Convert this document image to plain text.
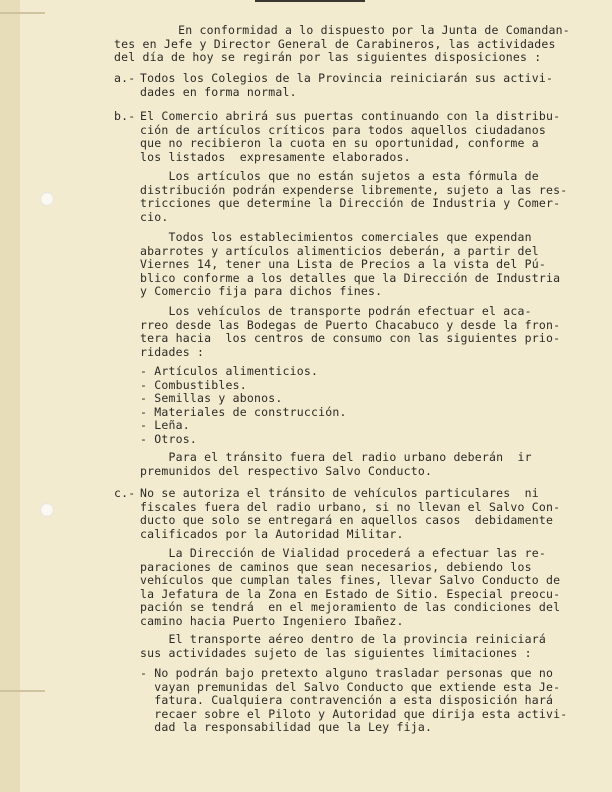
En conformidad a lo dispuesto por la Junta de Comandan-
tes en Jefe y Director General de Carabineros, las actividades
del día de hoy se regirán por las siguientes disposiciones :
a.- Todos los Colegios de la Provincia reiniciarán sus activi-
dades en forma normal.
b.- El Comercio abrirá sus puertas continuando con la distribu-
ción de artículos críticos para todos aquellos ciudadanos
que no recibieron la cuota en su oportunidad, conforme a
los listados  expresamente elaborados.
Los artículos que no están sujetos a esta fórmula de
distribución podrán expenderse libremente, sujeto a las res-
tricciones que determine la Dirección de Industria y Comer-
cio.
Todos los establecimientos comerciales que expendan
abarrotes y artículos alimenticios deberán, a partir del
Viernes 14, tener una Lista de Precios a la vista del Pú-
blico conforme a los detalles que la Dirección de Industria
y Comercio fija para dichos fines.
Los vehículos de transporte podrán efectuar el aca-
rreo desde las Bodegas de Puerto Chacabuco y desde la fron-
tera hacia  los centros de consumo con las siguientes prio-
ridades :
- Artículos alimenticios.
- Combustibles.
- Semillas y abonos.
- Materiales de construcción.
- Leña.
- Otros.
Para el tránsito fuera del radio urbano deberán  ir
premunidos del respectivo Salvo Conducto.
c.- No se autoriza el tránsito de vehículos particulares  ni
fiscales fuera del radio urbano, si no llevan el Salvo Con-
ducto que solo se entregará en aquellos casos  debidamente
calificados por la Autoridad Militar.
La Dirección de Vialidad procederá a efectuar las re-
paraciones de caminos que sean necesarios, debiendo los
vehículos que cumplan tales fines, llevar Salvo Conducto de
la Jefatura de la Zona en Estado de Sitio. Especial preocu-
pación se tendrá  en el mejoramiento de las condiciones del
camino hacia Puerto Ingeniero Ibañez.
El transporte aéreo dentro de la provincia reiniciará
sus actividades sujeto de las siguientes limitaciones :
- No podrán bajo pretexto alguno trasladar personas que no
vayan premunidas del Salvo Conducto que extiende esta Je-
fatura. Cualquiera contravención a esta disposición hará
recaer sobre el Piloto y Autoridad que dirija esta activi-
dad la responsabilidad que la Ley fija.
